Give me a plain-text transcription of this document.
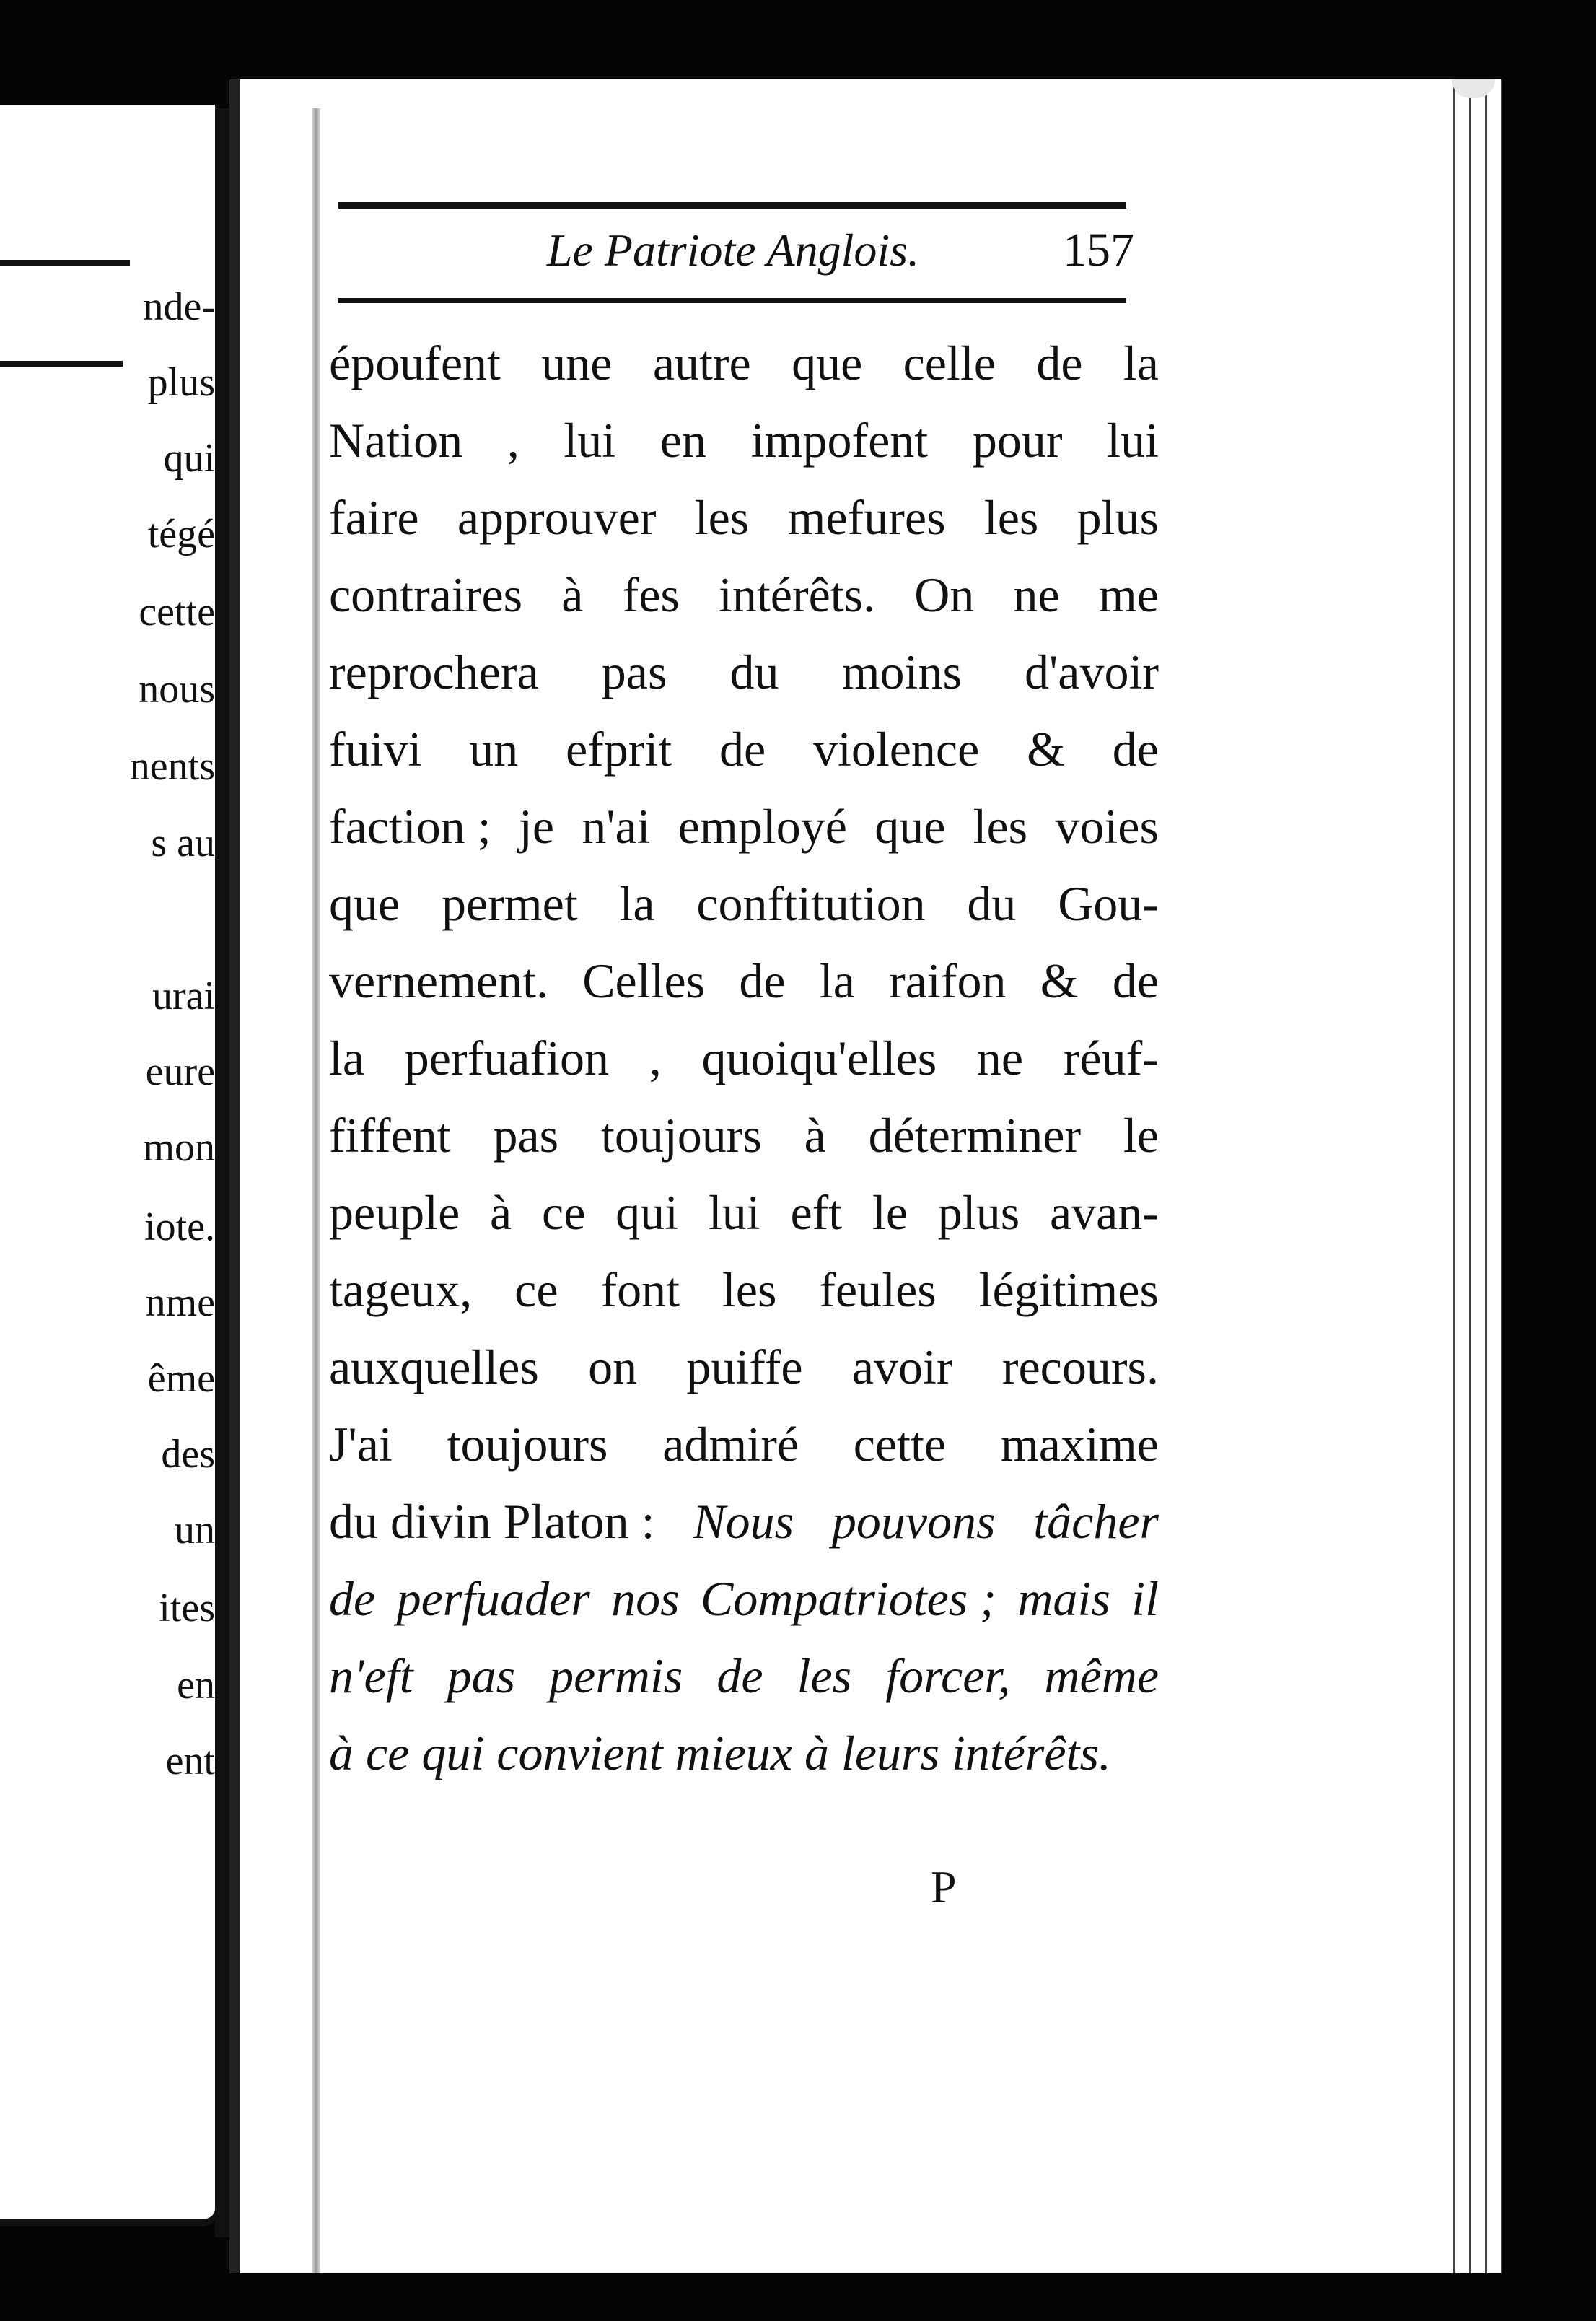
nde-
plus
qui
tégé
cette
nous
nents
s au
urai
eure
mon
iote.
nme
ême
des
un
ites
en
ent
Le Patriote Anglois.	157
époufent une autre que celle de la
Nation , lui en impofent pour lui
faire approuver les mefures les plus
contraires à fes intérêts. On ne me
reprochera pas du moins d'avoir
fuivi un efprit de violence & de
faction ; je n'ai employé que les voies
que permet la conftitution du Gou-
vernement. Celles de la raifon & de
la perfuafion , quoiqu'elles ne réuf-
fiffent pas toujours à déterminer le
peuple à ce qui lui eft le plus avan-
tageux, ce font les feules légitimes
auxquelles on puiffe avoir recours.
J'ai toujours admiré cette maxime
du divin Platon : Nous pouvons tâcher
de perfuader nos Compatriotes ; mais il
n'eft pas permis de les forcer, même
à ce qui convient mieux à leurs intérêts.
P
